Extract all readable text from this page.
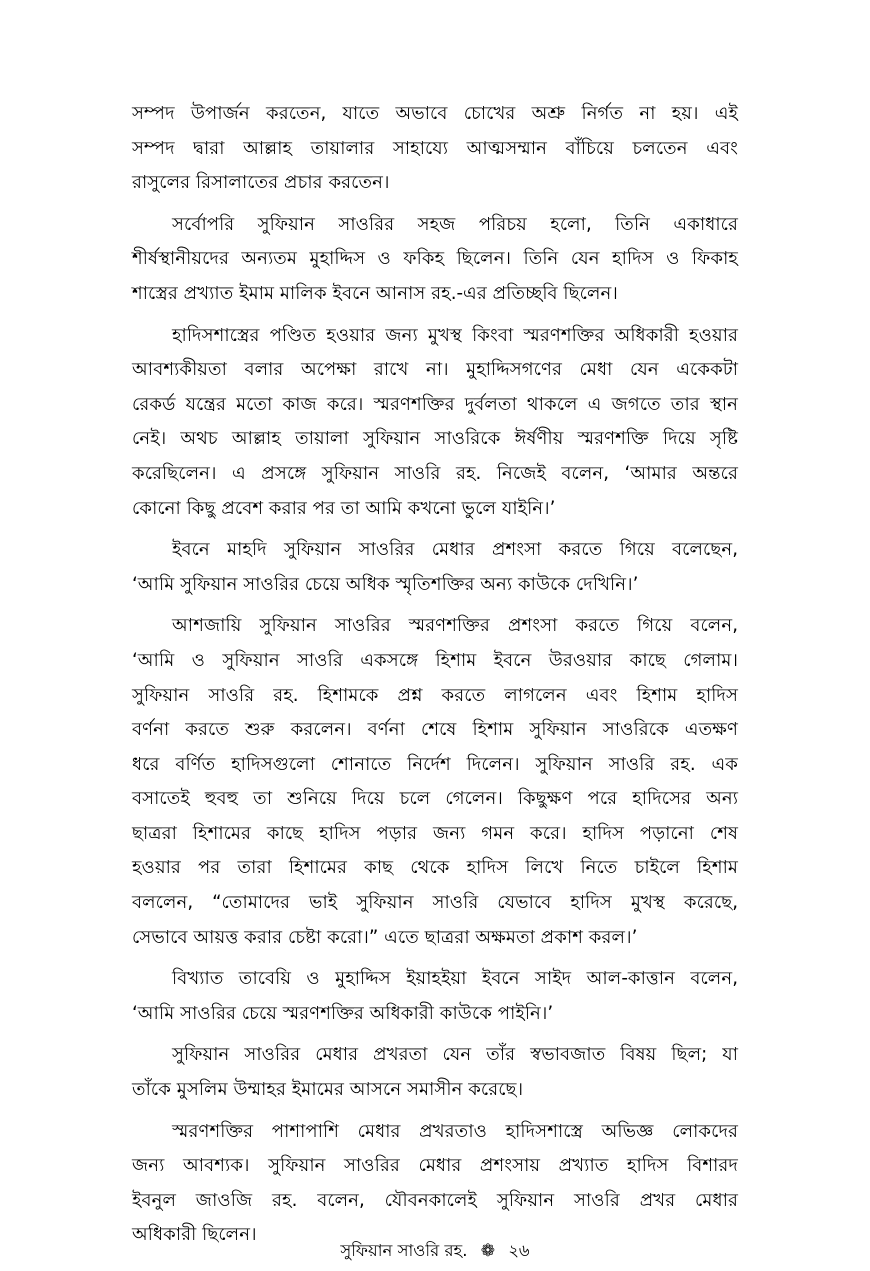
সম্পদ উপার্জন করতেন, যাতে অভাবে চোখের অশ্রু নির্গত না হয়। এই
সম্পদ দ্বারা আল্লাহ তায়ালার সাহায্যে আত্মসম্মান বাঁচিয়ে চলতেন এবং
রাসুলের রিসালাতের প্রচার করতেন।

সর্বোপরি সুফিয়ান সাওরির সহজ পরিচয় হলো, তিনি একাধারে
শীর্ষস্থানীয়দের অন্যতম মুহাদ্দিস ও ফকিহ ছিলেন। তিনি যেন হাদিস ও ফিকাহ
শাস্ত্রের প্রখ্যাত ইমাম মালিক ইবনে আনাস রহ.-এর প্রতিচ্ছবি ছিলেন।

হাদিসশাস্ত্রের পণ্ডিত হওয়ার জন্য মুখস্থ কিংবা স্মরণশক্তির অধিকারী হওয়ার
আবশ্যকীয়তা বলার অপেক্ষা রাখে না। মুহাদ্দিসগণের মেধা যেন একেকটা
রেকর্ড যন্ত্রের মতো কাজ করে। স্মরণশক্তির দুর্বলতা থাকলে এ জগতে তার স্থান
নেই। অথচ আল্লাহ তায়ালা সুফিয়ান সাওরিকে ঈর্ষণীয় স্মরণশক্তি দিয়ে সৃষ্টি
করেছিলেন। এ প্রসঙ্গে সুফিয়ান সাওরি রহ. নিজেই বলেন, ‘আমার অন্তরে
কোনো কিছু প্রবেশ করার পর তা আমি কখনো ভুলে যাইনি।’

ইবনে মাহদি সুফিয়ান সাওরির মেধার প্রশংসা করতে গিয়ে বলেছেন,
‘আমি সুফিয়ান সাওরির চেয়ে অধিক স্মৃতিশক্তির অন্য কাউকে দেখিনি।’

আশজায়ি সুফিয়ান সাওরির স্মরণশক্তির প্রশংসা করতে গিয়ে বলেন,
‘আমি ও সুফিয়ান সাওরি একসঙ্গে হিশাম ইবনে উরওয়ার কাছে গেলাম।
সুফিয়ান সাওরি রহ. হিশামকে প্রশ্ন করতে লাগলেন এবং হিশাম হাদিস
বর্ণনা করতে শুরু করলেন। বর্ণনা শেষে হিশাম সুফিয়ান সাওরিকে এতক্ষণ
ধরে বর্ণিত হাদিসগুলো শোনাতে নির্দেশ দিলেন। সুফিয়ান সাওরি রহ. এক
বসাতেই হুবহু তা শুনিয়ে দিয়ে চলে গেলেন। কিছুক্ষণ পরে হাদিসের অন্য
ছাত্ররা হিশামের কাছে হাদিস পড়ার জন্য গমন করে। হাদিস পড়ানো শেষ
হওয়ার পর তারা হিশামের কাছ থেকে হাদিস লিখে নিতে চাইলে হিশাম
বললেন, “তোমাদের ভাই সুফিয়ান সাওরি যেভাবে হাদিস মুখস্থ করেছে,
সেভাবে আয়ত্ত করার চেষ্টা করো।” এতে ছাত্ররা অক্ষমতা প্রকাশ করল।’

বিখ্যাত তাবেয়ি ও মুহাদ্দিস ইয়াহইয়া ইবনে সাইদ আল-কাত্তান বলেন,
‘আমি সাওরির চেয়ে স্মরণশক্তির অধিকারী কাউকে পাইনি।’

সুফিয়ান সাওরির মেধার প্রখরতা যেন তাঁর স্বভাবজাত বিষয় ছিল; যা
তাঁকে মুসলিম উম্মাহর ইমামের আসনে সমাসীন করেছে।

স্মরণশক্তির পাশাপাশি মেধার প্রখরতাও হাদিসশাস্ত্রে অভিজ্ঞ লোকদের
জন্য আবশ্যক। সুফিয়ান সাওরির মেধার প্রশংসায় প্রখ্যাত হাদিস বিশারদ
ইবনুল জাওজি রহ. বলেন, যৌবনকালেই সুফিয়ান সাওরি প্রখর মেধার
অধিকারী ছিলেন।

সুফিয়ান সাওরি রহ. ❁ ২৬
